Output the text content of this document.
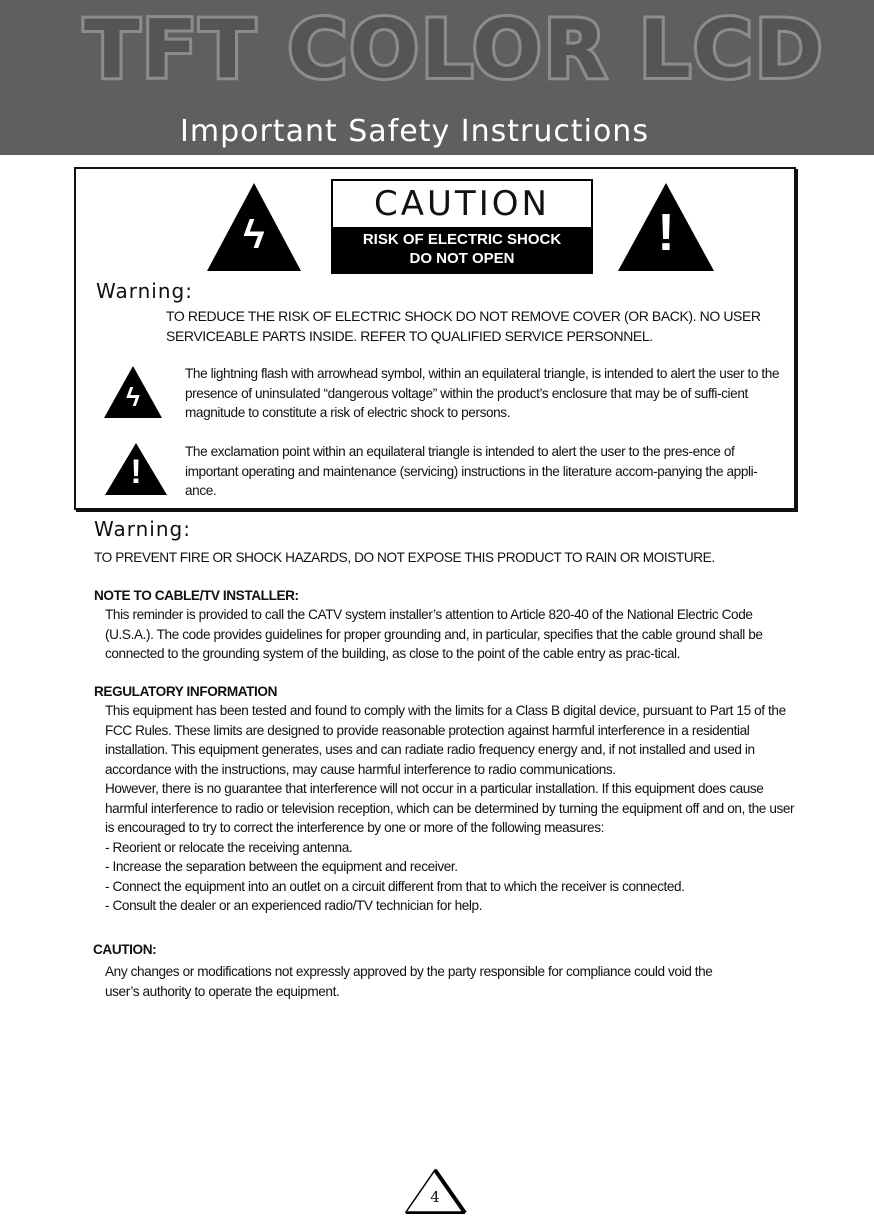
TFT COLOR LCD
Important Safety Instructions
ϟ
CAUTION
RISK OF ELECTRIC SHOCK
DO NOT OPEN	!
Warning:
TO REDUCE THE RISK OF ELECTRIC SHOCK DO NOT REMOVE COVER (OR BACK). NO USER SERVICEABLE PARTS INSIDE. REFER TO QUALIFIED SERVICE PERSONNEL.
ϟ
The lightning flash with arrowhead symbol, within an equilateral triangle, is intended to alert the user to the presence of uninsulated “dangerous voltage” within the product’s enclosure that may be of suffi-cient magnitude to constitute a risk of electric shock to persons.
!
The exclamation point within an equilateral triangle is intended to alert the user to the pres-ence of important operating and maintenance (servicing) instructions in the literature accom-panying the appli-ance.
Warning:
TO PREVENT FIRE OR SHOCK HAZARDS, DO NOT EXPOSE THIS PRODUCT TO RAIN OR MOISTURE.
NOTE TO CABLE/TV INSTALLER:
This reminder is provided to call the CATV system installer’s attention to Article 820-40 of the National Electric Code (U.S.A.). The code provides guidelines for proper grounding and, in particular, specifies that the cable ground shall be connected to the grounding system of the building, as close to the point of the cable entry as prac-tical.
REGULATORY INFORMATION
This equipment has been tested and found to comply with the limits for a Class B digital device, pursuant to Part 15 of the FCC Rules. These limits are designed to provide reasonable protection against harmful interference in a residential installation. This equipment generates, uses and can radiate radio frequency energy and, if not installed and used in accordance with the instructions, may cause harmful interference to radio communications.
However, there is no guarantee that interference will not occur in a particular installation. If this equipment does cause harmful interference to radio or television reception, which can be determined by turning the equipment off and on, the user is encouraged to try to correct the interference by one or more of the following measures:
- Reorient or relocate the receiving antenna.
- Increase the separation between the equipment and receiver.
- Connect the equipment into an outlet on a circuit different from that to which the receiver is connected.
- Consult the dealer or an experienced radio/TV technician for help.
CAUTION:
Any changes or modifications not expressly approved by the party responsible for compliance could void the user’s authority to operate the equipment.
4
